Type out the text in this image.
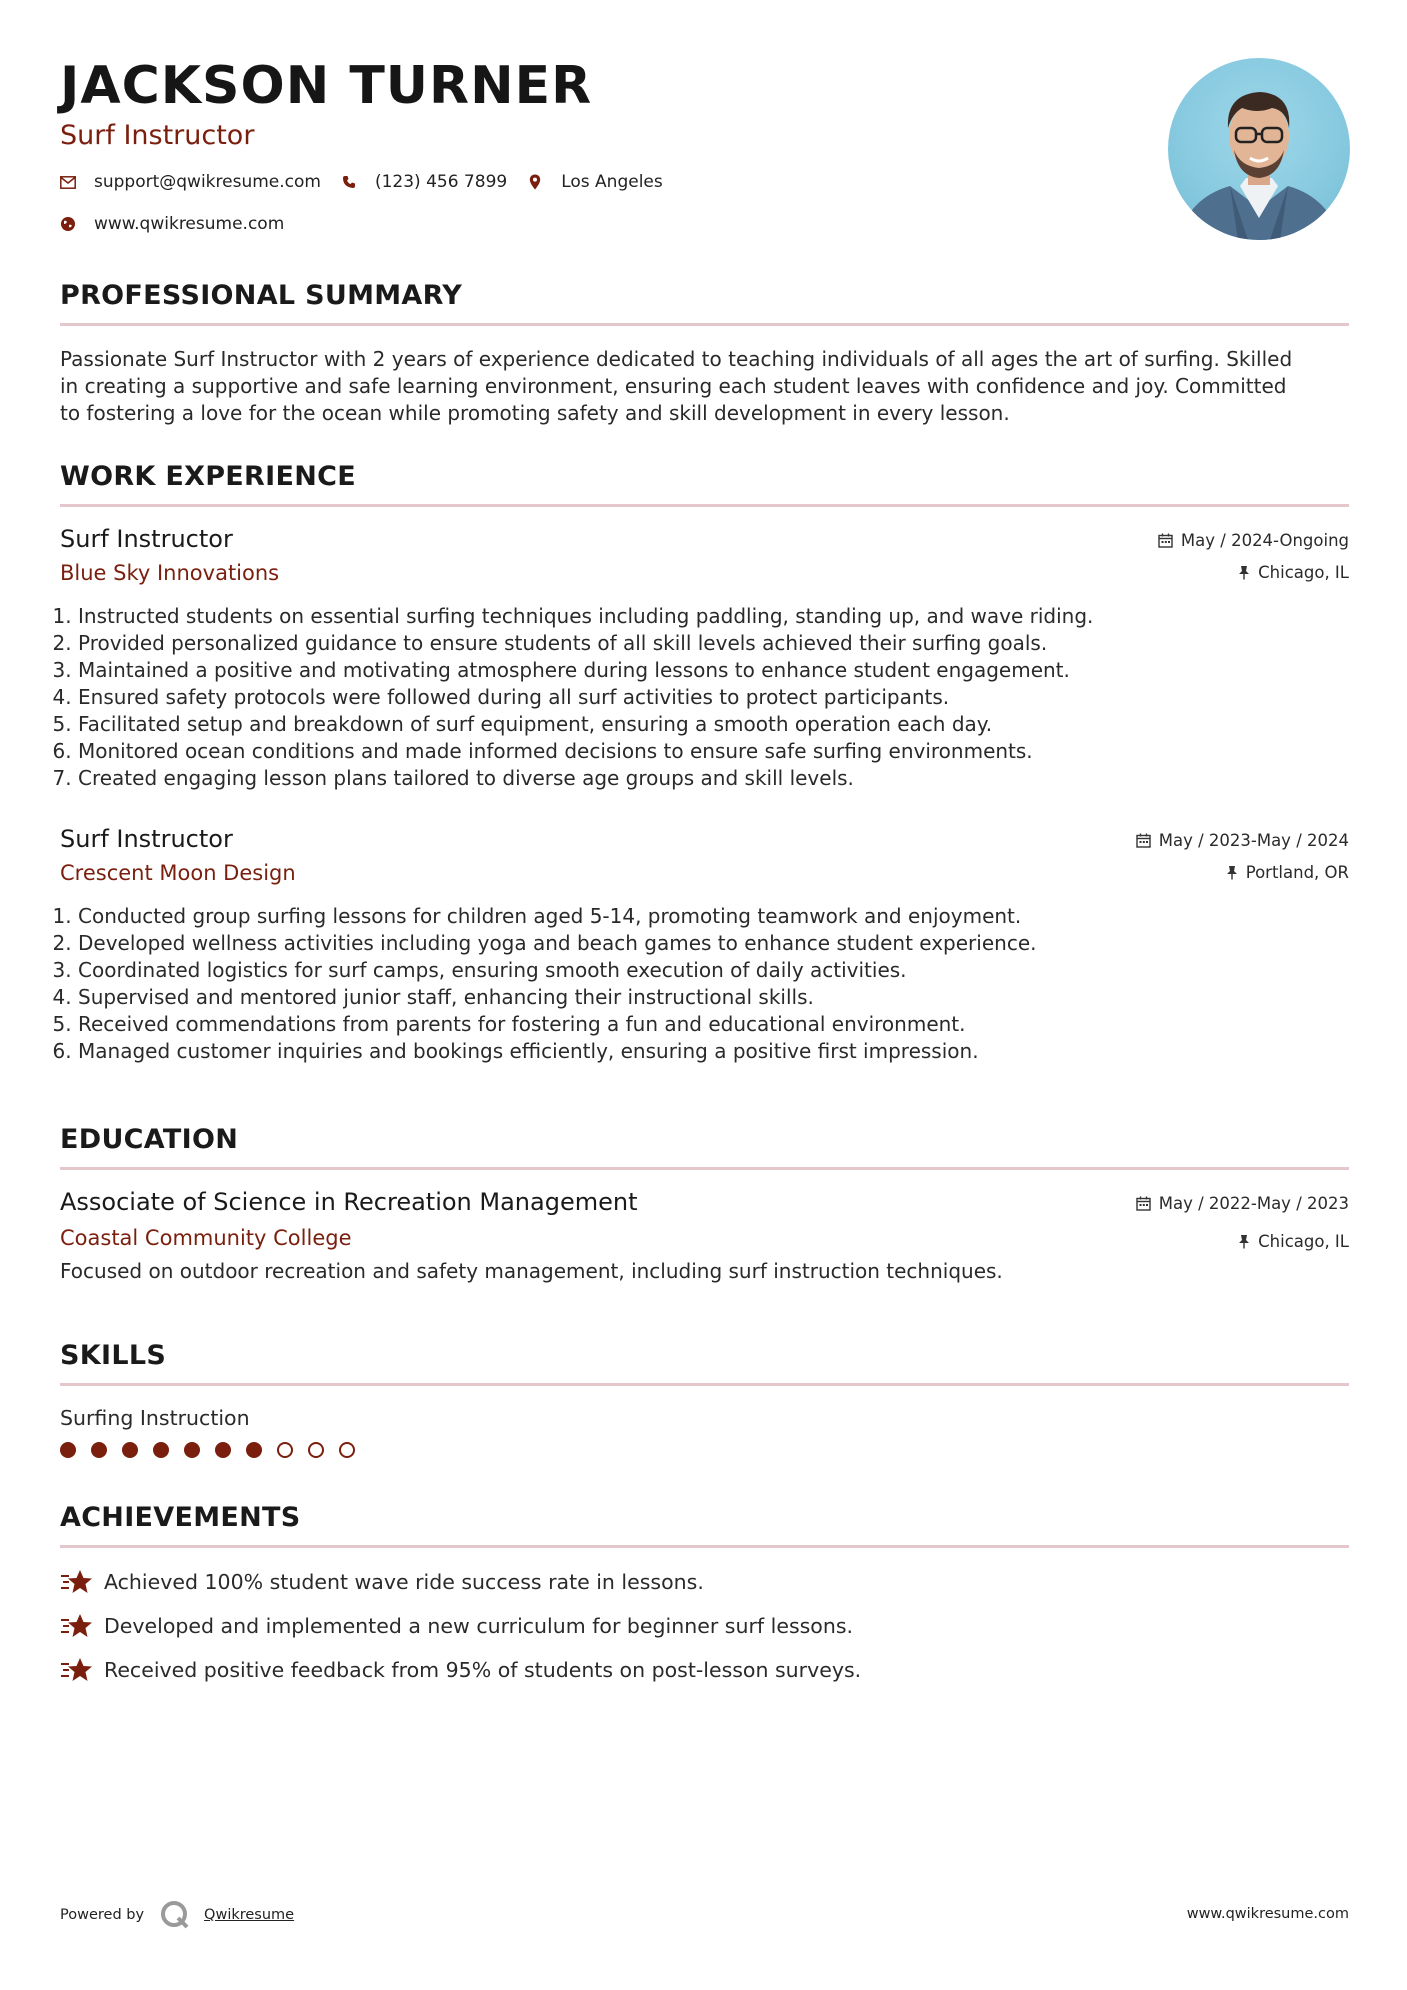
JACKSON TURNER
Surf Instructor
support@qwikresume.com	(123) 456 7899	Los Angeles
www.qwikresume.com
PROFESSIONAL SUMMARY
Passionate Surf Instructor with 2 years of experience dedicated to teaching individuals of all ages the art of surfing. Skilled
in creating a supportive and safe learning environment, ensuring each student leaves with confidence and joy. Committed
to fostering a love for the ocean while promoting safety and skill development in every lesson.
WORK EXPERIENCE
Surf Instructor
Blue Sky Innovations
May / 2024-Ongoing
Chicago, IL
1. Instructed students on essential surfing techniques including paddling, standing up, and wave riding.
2. Provided personalized guidance to ensure students of all skill levels achieved their surfing goals.
3. Maintained a positive and motivating atmosphere during lessons to enhance student engagement.
4. Ensured safety protocols were followed during all surf activities to protect participants.
5. Facilitated setup and breakdown of surf equipment, ensuring a smooth operation each day.
6. Monitored ocean conditions and made informed decisions to ensure safe surfing environments.
7. Created engaging lesson plans tailored to diverse age groups and skill levels.
Surf Instructor
Crescent Moon Design
May / 2023-May / 2024
Portland, OR
1. Conducted group surfing lessons for children aged 5-14, promoting teamwork and enjoyment.
2. Developed wellness activities including yoga and beach games to enhance student experience.
3. Coordinated logistics for surf camps, ensuring smooth execution of daily activities.
4. Supervised and mentored junior staff, enhancing their instructional skills.
5. Received commendations from parents for fostering a fun and educational environment.
6. Managed customer inquiries and bookings efficiently, ensuring a positive first impression.
EDUCATION
Associate of Science in Recreation Management
Coastal Community College
May / 2022-May / 2023
Chicago, IL
Focused on outdoor recreation and safety management, including surf instruction techniques.
SKILLS
Surfing Instruction
ACHIEVEMENTS
Achieved 100% student wave ride success rate in lessons.
Developed and implemented a new curriculum for beginner surf lessons.
Received positive feedback from 95% of students on post-lesson surveys.
Powered by	Qwikresume	www.qwikresume.com
